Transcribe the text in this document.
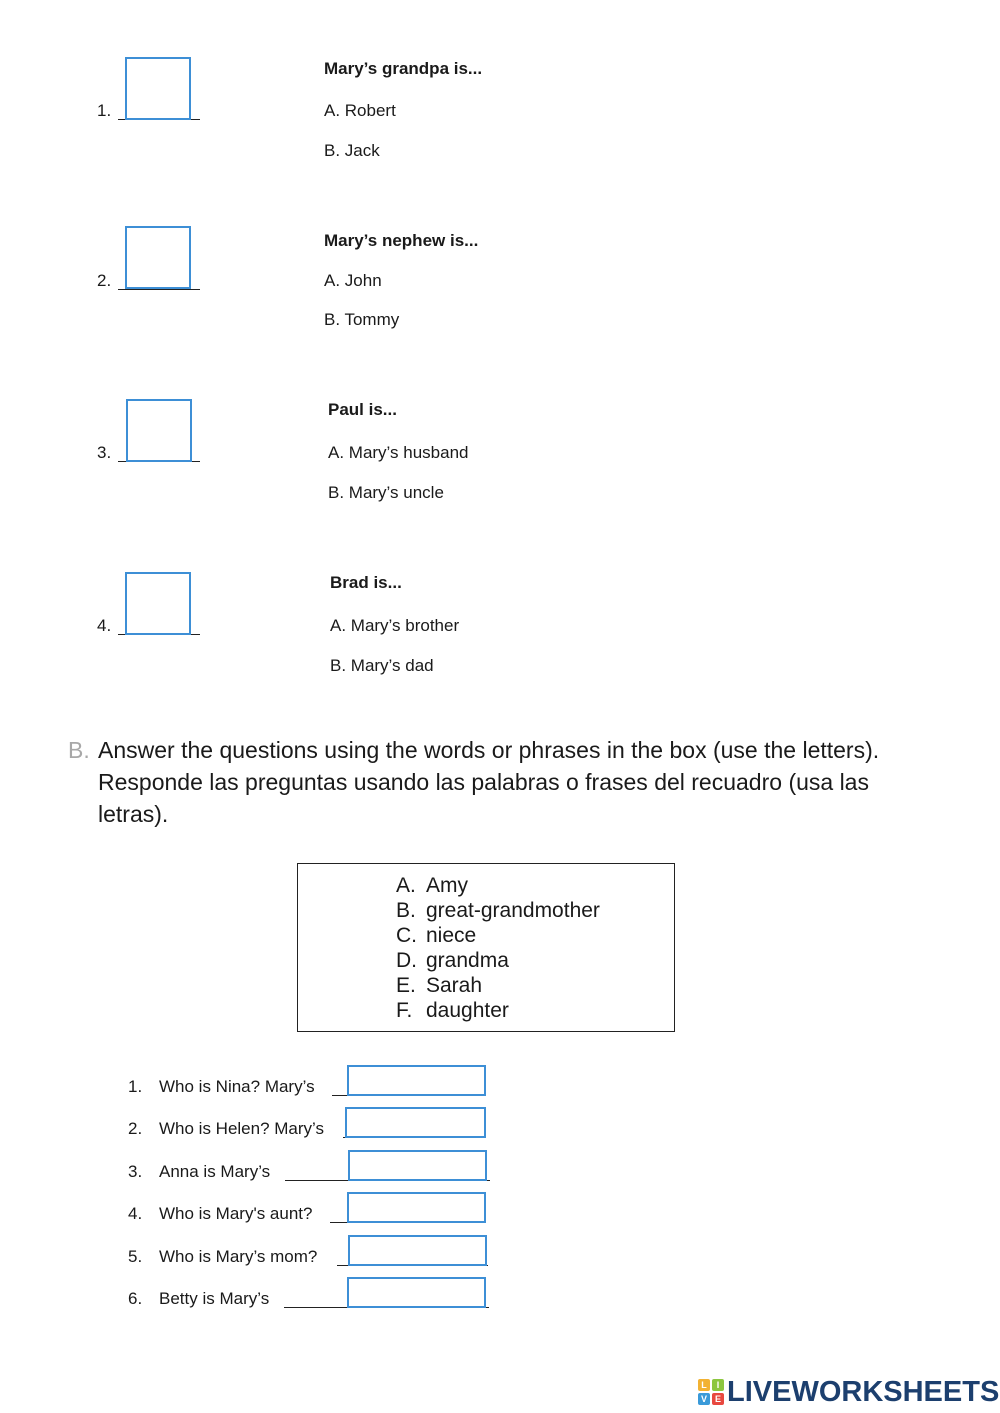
1.
Mary’s grandpa is...
A. Robert
B. Jack
2.
Mary’s nephew is...
A. John
B. Tommy
3.
Paul is...
A. Mary’s husband
B. Mary’s uncle
4.
Brad is...
A. Mary’s brother
B. Mary’s dad
B. Answer the questions using the words or phrases in the box (use the letters).
Responde las preguntas usando las palabras o frases del recuadro (usa las
letras).
A. Amy
B. great-grandmother
C. niece
D. grandma
E. Sarah
F. daughter
1. Who is Nina? Mary’s
2. Who is Helen? Mary’s
3. Anna is Mary’s
4. Who is Mary's aunt?
5. Who is Mary’s mom?
6. Betty is Mary’s
L	I
V E LIVEWORKSHEETS
